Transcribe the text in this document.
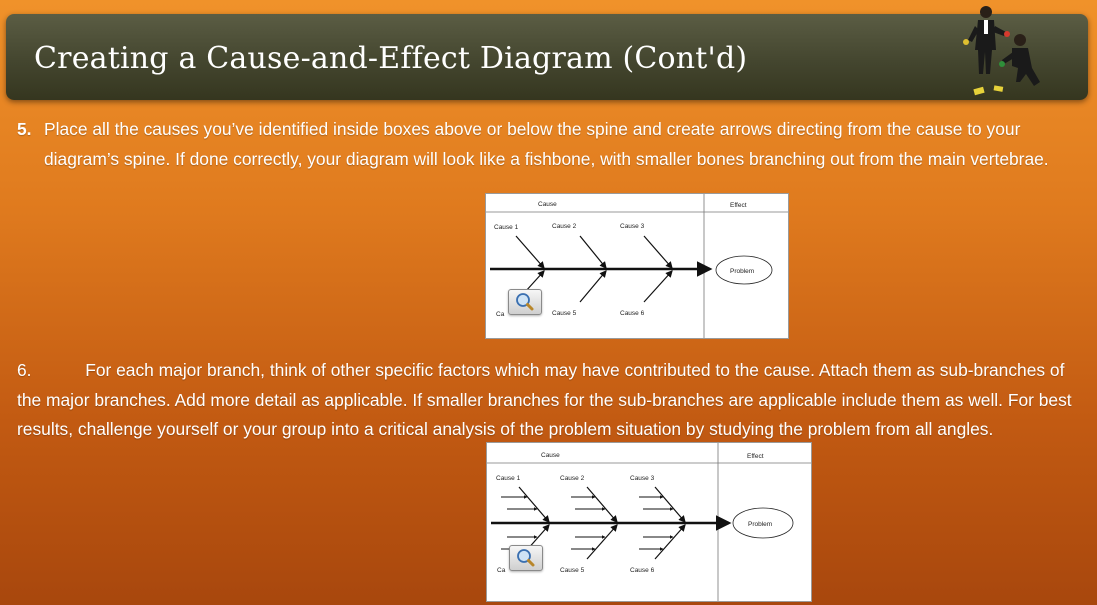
Creating a Cause-and-Effect Diagram (Cont'd)
5. Place all the causes you’ve identified inside boxes above or below the spine and create arrows directing from the cause to your diagram’s spine. If done correctly, your diagram will look like a fishbone, with smaller bones branching out from the main vertebrae.
Cause	Effect
Cause 1	Cause 2	Cause 3
Ca	Cause 5	Cause 6
Problem
6.	For each major branch, think of other specific factors which may have contributed to the cause. Attach them as sub-branches of the major branches. Add more detail as applicable. If smaller branches for the sub-branches are applicable include them as well. For best results, challenge yourself or your group into a critical analysis of the problem situation by studying the problem from all angles.
Cause	Effect
Cause 1	Cause 2	Cause 3
Ca	Cause 5	Cause 6
Problem
